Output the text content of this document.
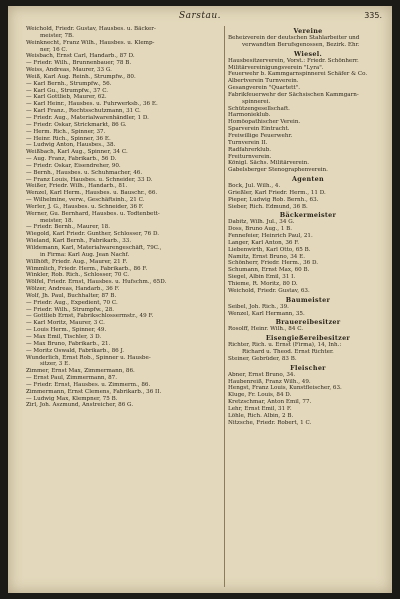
Sarstau.	335.
Weichold, Friedr. Gustav, Hausbes. u. Bäcker-
meister, 7B.
Weinknecht, Franz Wilh., Hausbes. u. Klemp-
ner, 16 C.
Weisbach, Ernst Carl, Handarb., 87 D.
— Friedr. Wilh., Brunnenbauer, 78 B.
Weiss, Andreas, Maurer, 33 G.
Weiß, Karl Aug. Reinh., Strumpfw., 80.
— Karl Bernh., Strumpfw., 56.
— Karl Gu., Strumpfw., 37 C.
— Karl Gottlieb, Maurer, 62.
— Karl Heinr., Hausbes. u. Fuhrwerksb., 36 E.
— Karl Franz., Rechtsschutzmann, 31 C.
— Friedr. Aug., Materialwarenhändler, 1 D.
— Friedr. Oskar, Strickmarkt, 86 G.
— Herm. Rich., Spinner, 37.
— Heinr. Rich., Spinner, 36 E.
— Ludwig Anton, Hausbes., 38.
Weißbach, Karl Aug., Spinner, 34 C.
— Aug. Franz, Fabrikarb., 56 D.
— Friedr. Oskar, Eisendreher, 90.
— Bernh., Hausbes. u. Schuhmacher, 46.
— Franz Louis, Hausbes. u. Schneider, 33 D.
Weißer, Friedr. Wilh., Handarb., 81.
Wenzel, Karl Herm., Hausbes. u. Bauschr., 66.
— Wilhelmine, verw., Geschäftsinh., 21 C.
Werler, J. G., Hausbes. u. Schneider, 36 F.
Werner, Gu. Bernhard, Hausbes. u. Todtenbett-
meister, 18.
— Friedr. Bernh., Maurer, 18.
Wiegold, Karl Friedr. Gunther, Schlosser, 76 D.
Wieland, Karl Bernh., Fabrikarb., 33.
Wildemann, Karl, Materialwarengeschäft, 79C.,
in Firma: Karl Aug. Jean Nachf.
Willhöft, Friedr. Aug., Maurer, 21 F.
Wimmlich, Friedr. Herm., Fabrikarb., 86 F.
Winkler, Rob. Rich., Schlosser, 70 C.
Wölfel, Friedr. Ernst, Hausbes. u. Hufschm., 65D.
Wölzer, Andreas, Handarb., 36 F.
Wolf, Jh. Paul, Buchhalter, 87 B.
— Friedr. Aug., Expedient, 70 C.
— Friedr. Wilh., Strumpfw., 28.
— Gottlieb Ernst, Fabrikschlossermstr., 49 F.
— Karl Moritz, Maurer, 3 C.
— Louis Herm., Spinner, 49.
— Max Emil, Tischler, 3 D.
— Max Bruno, Fabrikarb., 21.
— Moritz Oswald, Fabrikarb., 86 J.
Wunderlich, Ernst Rob., Spinner u. Hausbe-
sitzer, 3 E.
Zimmer, Ernst Max, Zimmermann, 86.
— Ernst Paul, Zimmermann, 87.
— Friedr. Ernst, Hausbes. u. Zimmerm., 86.
Zimmermann, Ernst Clemens, Fabrikarb., 36 II.
— Ludwig Max, Klempner, 75 B.
Zirl, Joh. Aszmund, Anstreicher, 86 G.
Vereine
Beheizverein der deutschen Stahlarbeiter und
verwandten Berufsgenossen, Bezirk. Ehr.
Wiesel.
Hausbesitzerverein, Vorst.: Friedr. Schönherr.
Militärvereinigungsverein "Lyra".
Feuerwehr b. Kammgarnspinnerei Schäfer & Co.
Albertverein Turnverein.
Gesangverein "Quartett".
Fabrikfeuerwehr der Sächsischen Kammgarn-
spinnerei.
Schützengesellschaft.
Harmonieklub.
Homöopathischer Verein.
Sparverein Eintracht.
Freiwillige Feuerwehr.
Turnverein II.
Radfahrerklub.
Freiturnverein.
Königl. Sächs. Militärverein.
Gabelsberger Stenographenverein.
Agenten
Bock, Jul. Wilh., 4.
Grießler, Karl Friedr. Herm., 11 D.
Pieper, Ludwig Rob. Bernh., 63.
Sieber, Rich. Edmund, 36 B.
Bäckermeister
Dabitz, Wilh. Jul., 34 G.
Doss, Bruno Aug., 1 B.
Fennefeier, Heinrich Paul, 21.
Langer, Karl Anton, 36 F.
Liebenwirth, Karl Otto, 65 B.
Namitz, Ernst Bruno, 34 E.
Schönherr, Friedr. Herm., 36 D.
Schumann, Ernst Max, 60 B.
Siegel, Albin Emil, 31 I.
Thieme, R. Moritz, 80 D.
Weichold, Friedr. Gustav, 63.
Baumeister
Seibel, Joh. Rich., 39.
Wenzel, Karl Hermann, 35.
Brauereibesitzer
Rosolff, Heinr. Wilh., 84 C.
Eisengießereibesitzer
Richter, Rich. u. Ernst (Firma), 14, Inh.:
Richard u. Theod. Ernst Richter.
Steiner, Gebrüder, 83 B.
Fleischer
Abner, Ernst Bruno, 34.
Haubenreiß, Franz Wilh., 49.
Hengst, Franz Louis, Kunstfleischer, 63.
Kluge, Fr. Louis, 84 D.
Kretzschmar, Anton Emil, 77.
Lehr, Ernst Emil, 31 F.
Löhle, Rich. Albin, 2 B.
Nitzsche, Friedr. Robert, 1 C.
